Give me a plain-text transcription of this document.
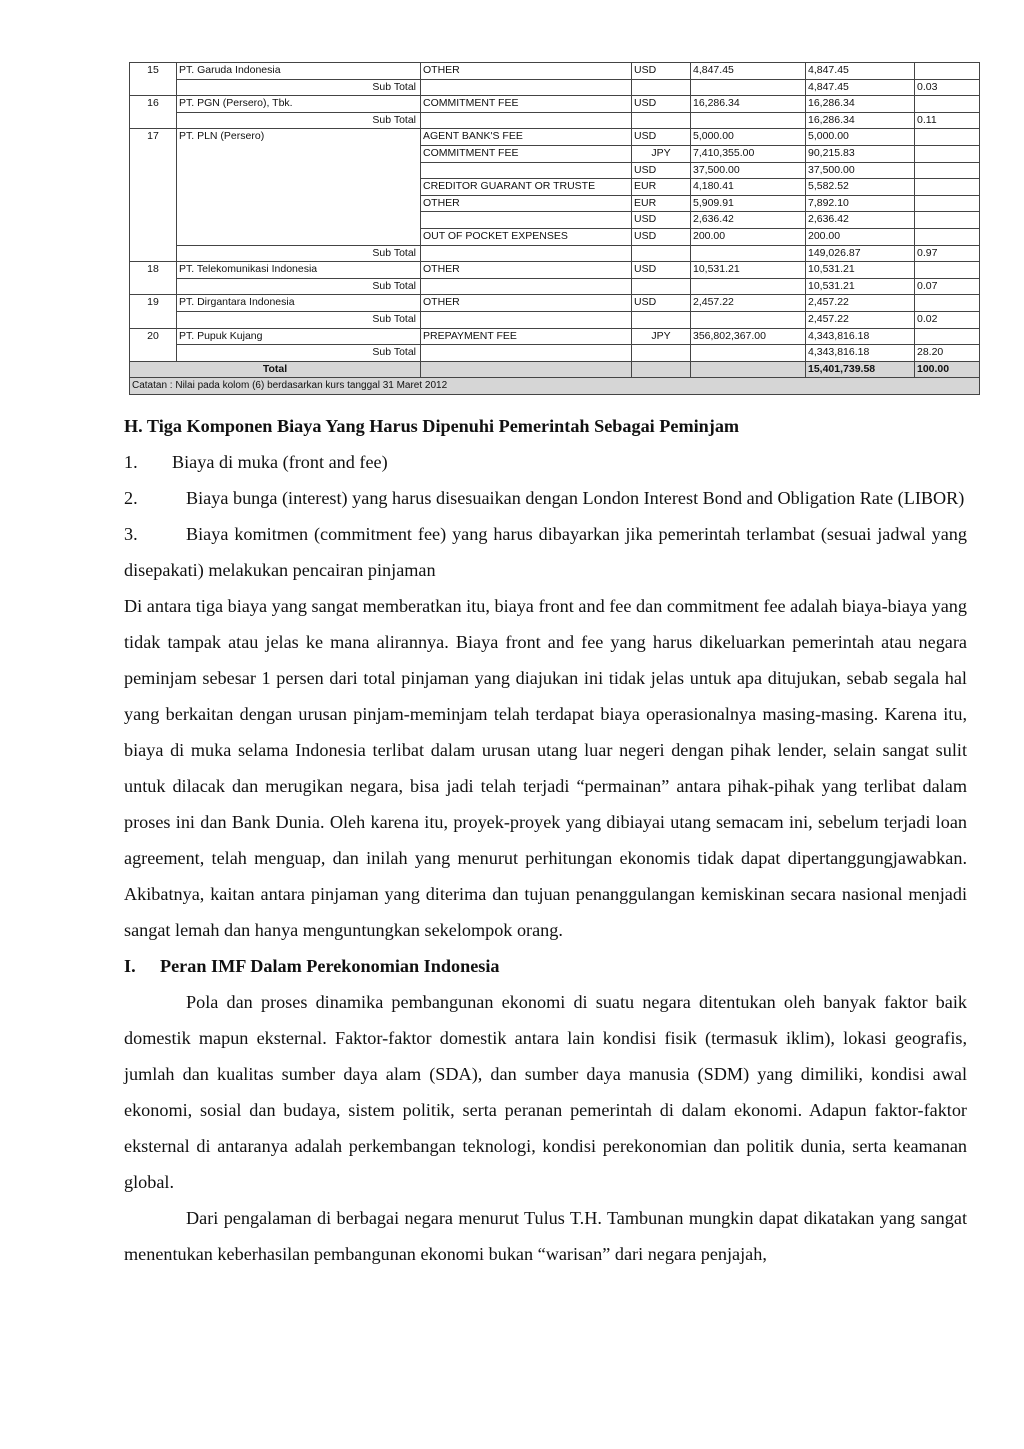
15	PT. Garuda Indonesia	OTHER	USD	4,847.45	4,847.45	
	Sub Total				4,847.45	0.03
16	PT. PGN (Persero), Tbk.	COMMITMENT FEE	USD	16,286.34	16,286.34	
	Sub Total				16,286.34	0.11
17	PT. PLN (Persero)	AGENT BANK'S FEE	USD	5,000.00	5,000.00	
		COMMITMENT FEE	JPY	7,410,355.00	90,215.83	
			USD	37,500.00	37,500.00	
		CREDITOR GUARANT OR TRUSTE	EUR	4,180.41	5,582.52	
		OTHER	EUR	5,909.91	7,892.10	
			USD	2,636.42	2,636.42	
		OUT OF POCKET EXPENSES	USD	200.00	200.00	
	Sub Total				149,026.87	0.97
18	PT. Telekomunikasi Indonesia	OTHER	USD	10,531.21	10,531.21	
	Sub Total				10,531.21	0.07
19	PT. Dirgantara Indonesia	OTHER	USD	2,457.22	2,457.22	
	Sub Total				2,457.22	0.02
20	PT. Pupuk Kujang	PREPAYMENT FEE	JPY	356,802,367.00	4,343,816.18	
	Sub Total				4,343,816.18	28.20
Total					15,401,739.58	100.00
Catatan : Nilai pada kolom (6) berdasarkan kurs tanggal 31 Maret 2012						

H. Tiga Komponen Biaya Yang Harus Dipenuhi Pemerintah Sebagai Peminjam

1. Biaya di muka (front and fee)

2.	Biaya bunga (interest) yang harus disesuaikan dengan London Interest Bond and Obligation Rate (LIBOR)

3.	Biaya komitmen (commitment fee) yang harus dibayarkan jika pemerintah terlambat (sesuai jadwal yang disepakati) melakukan pencairan pinjaman

Di antara tiga biaya yang sangat memberatkan itu, biaya front and fee dan commitment fee adalah biaya-biaya yang tidak tampak atau jelas ke mana alirannya. Biaya front and fee yang harus dikeluarkan pemerintah atau negara peminjam sebesar 1 persen dari total pinjaman yang diajukan ini tidak jelas untuk apa ditujukan, sebab segala hal yang berkaitan dengan urusan pinjam-meminjam telah terdapat biaya operasionalnya masing-masing. Karena itu, biaya di muka selama Indonesia terlibat dalam urusan utang luar negeri dengan pihak lender, selain sangat sulit untuk dilacak dan merugikan negara, bisa jadi telah terjadi “permainan” antara pihak-pihak yang terlibat dalam proses ini dan Bank Dunia. Oleh karena itu, proyek-proyek yang dibiayai utang semacam ini, sebelum terjadi loan agreement, telah menguap, dan inilah yang menurut perhitungan ekonomis tidak dapat dipertanggungjawabkan. Akibatnya, kaitan antara pinjaman yang diterima dan tujuan penanggulangan kemiskinan secara nasional menjadi sangat lemah dan hanya menguntungkan sekelompok orang.

I. Peran IMF Dalam Perekonomian Indonesia

Pola dan proses dinamika pembangunan ekonomi di suatu negara ditentukan oleh banyak faktor baik domestik mapun eksternal. Faktor-faktor domestik antara lain kondisi fisik (termasuk iklim), lokasi geografis, jumlah dan kualitas sumber daya alam (SDA), dan sumber daya manusia (SDM) yang dimiliki, kondisi awal ekonomi, sosial dan budaya, sistem politik, serta peranan pemerintah di dalam ekonomi. Adapun faktor-faktor eksternal di antaranya adalah perkembangan teknologi, kondisi perekonomian dan politik dunia, serta keamanan global.

Dari pengalaman di berbagai negara menurut Tulus T.H. Tambunan mungkin dapat dikatakan yang sangat menentukan keberhasilan pembangunan ekonomi bukan “warisan” dari negara penjajah,
